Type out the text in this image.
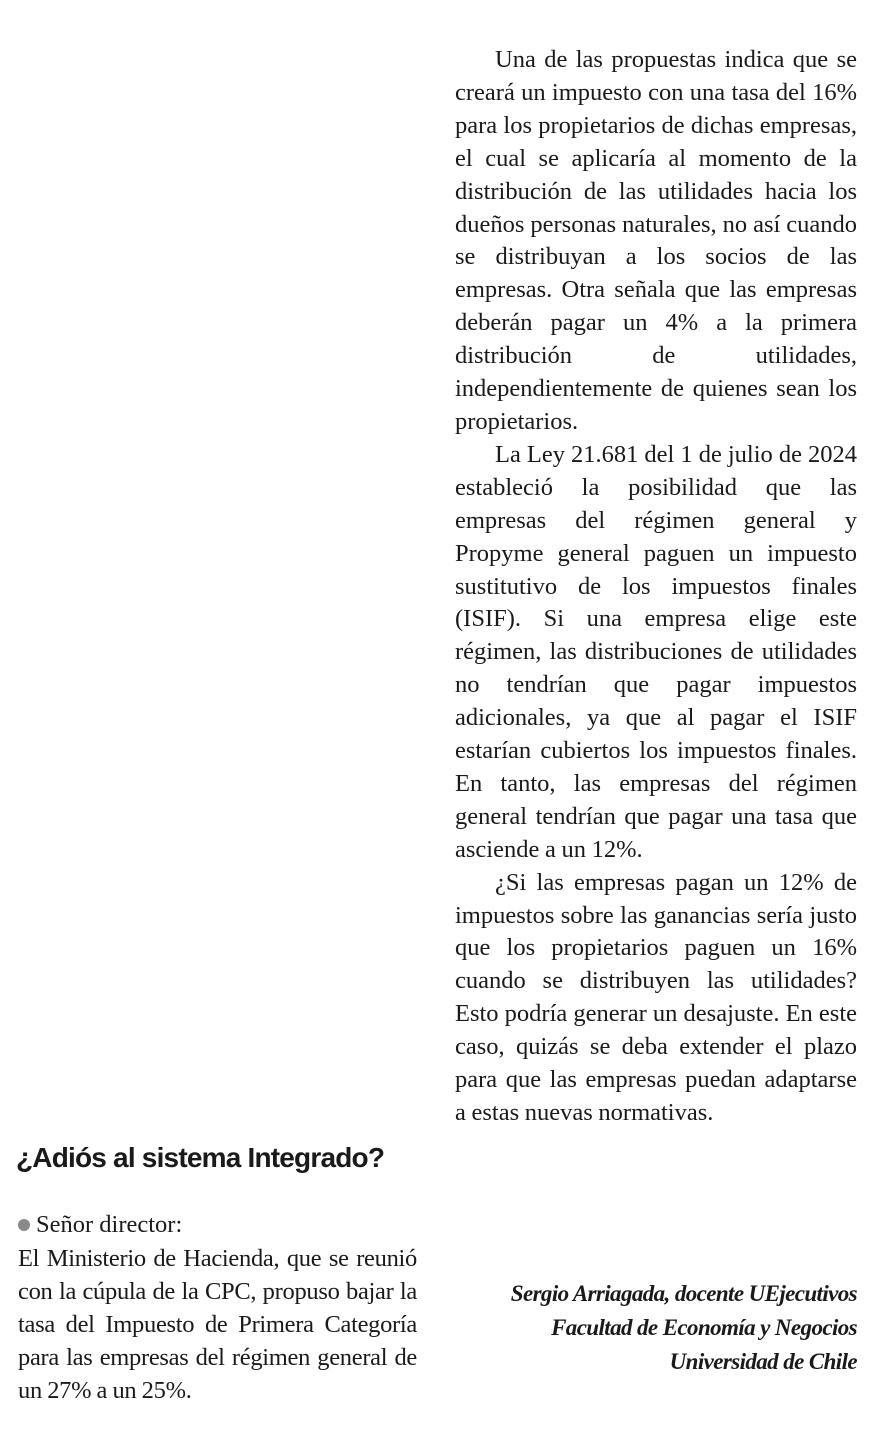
Una de las propuestas indica que se creará un impuesto con una tasa del 16% para los propietarios de dichas empresas, el cual se aplicaría al momento de la distribución de las utilidades hacia los dueños personas naturales, no así cuando se distribuyan a los socios de las empresas. Otra señala que las empresas deberán pagar un 4% a la primera distribución de utilidades, independientemente de quienes sean los propietarios.

La Ley 21.681 del 1 de julio de 2024 estableció la posibilidad que las empresas del régimen general y Propyme general paguen un impuesto sustitutivo de los impuestos finales (ISIF). Si una empresa elige este régimen, las distribuciones de utilidades no tendrían que pagar impuestos adicionales, ya que al pagar el ISIF estarían cubiertos los impuestos finales. En tanto, las empresas del régimen general tendrían que pagar una tasa que asciende a un 12%.

¿Si las empresas pagan un 12% de impuestos sobre las ganancias sería justo que los propietarios paguen un 16% cuando se distribuyen las utilidades? Esto podría generar un desajuste. En este caso, quizás se deba extender el plazo para que las empresas puedan adaptarse a estas nuevas normativas.

Sergio Arriagada, docente UEjecutivos Facultad de Economía y Negocios Universidad de Chile
¿Adiós al sistema Integrado?
Señor director:

El Ministerio de Hacienda, que se reunió con la cúpula de la CPC, propuso bajar la tasa del Impuesto de Primera Categoría para las empresas del régimen general de un 27% a un 25%.
